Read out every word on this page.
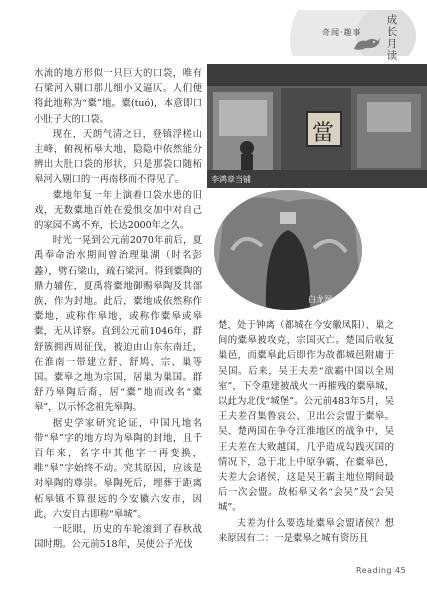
奇闻·趣事
成长月读

水流的地方形似一只巨大的口袋，唯有石梁河入剔口那儿细小又逼仄。人们便将此地称为“橐”地。橐(tuó)，本意即口小肚子大的口袋。

现在，天朗气清之日，登镇浮槎山主峰，俯视柘皋大地，隐隐中依然能分辨出大肚口袋的形状，只是那袋口随柘皋河入剔口的一再南移而不得见了。

橐地年复一年上演着口袋水患的旧戏，无数橐地百姓在爱恨交加中对自己的家园不离不弃，长达2000年之久。

时光一晃到公元前2070年前后，夏禹奉命治水期间曾治理巢湖（时名彭蠡），劈石梁山，疏石梁河。得到橐陶的鼎力辅佐，夏禹将橐地御赐皋陶及其部族，作为封地。此后，橐地成依然称作橐地，或称作皋地，或称作橐皋或皋橐，无从详察。直到公元前1046年，群舒簇拥西周征伐，被迫由山东东南迁，在淮南一带建立舒、舒鸠、宗、巢等国。橐皋之地为宗国，居巢为巢国。群舒乃皋陶后裔，居“橐”地而改名“橐皋”，以示怀念祖先皋陶。

据史学家研究论证，中国凡地名带“皋”字的地方均为皋陶的封地，且千百年来，名字中其他字一再变换，唯“皋”字始终不动。究其原因，应该是对皋陶的尊崇。皋陶死后，埋葬于距离柘皋镇不算很远的今安徽六安市，因此，六安自古即称“皋城”。

一眨眼，历史的车轮滚到了春秋战国时期。公元前518年，吴使公子光伐

當
李鸿章当铺
白龙洞

楚，处于钟离（都城在今安徽凤阳）、巢之间的橐皋被攻克，宗国灭亡。楚国后收复巢邑，而橐皋此后即作为故都城邑附庸于吴国。后来，吴王夫差“欲霸中国以全周室”，下令重建被战火一再摧残的橐皋城，以此为北伐“城堡”。公元前483年5月，吴王夫差召集鲁哀公、卫出公会盟于橐皋。吴、楚两国在争夺江淮地区的战争中，吴王夫差在大败越国，几乎造成勾践灭国的情况下，急于北上中原争霸，在橐皋邑，夫差大会诸侯，这是吴王霸主地位期间最后一次会盟。故柘皋又名“会吴”及“会吴城”。

夫差为什么要选址橐皋会盟诸侯？想来原因有二：一是橐皋之城有资历且

Reading 45
